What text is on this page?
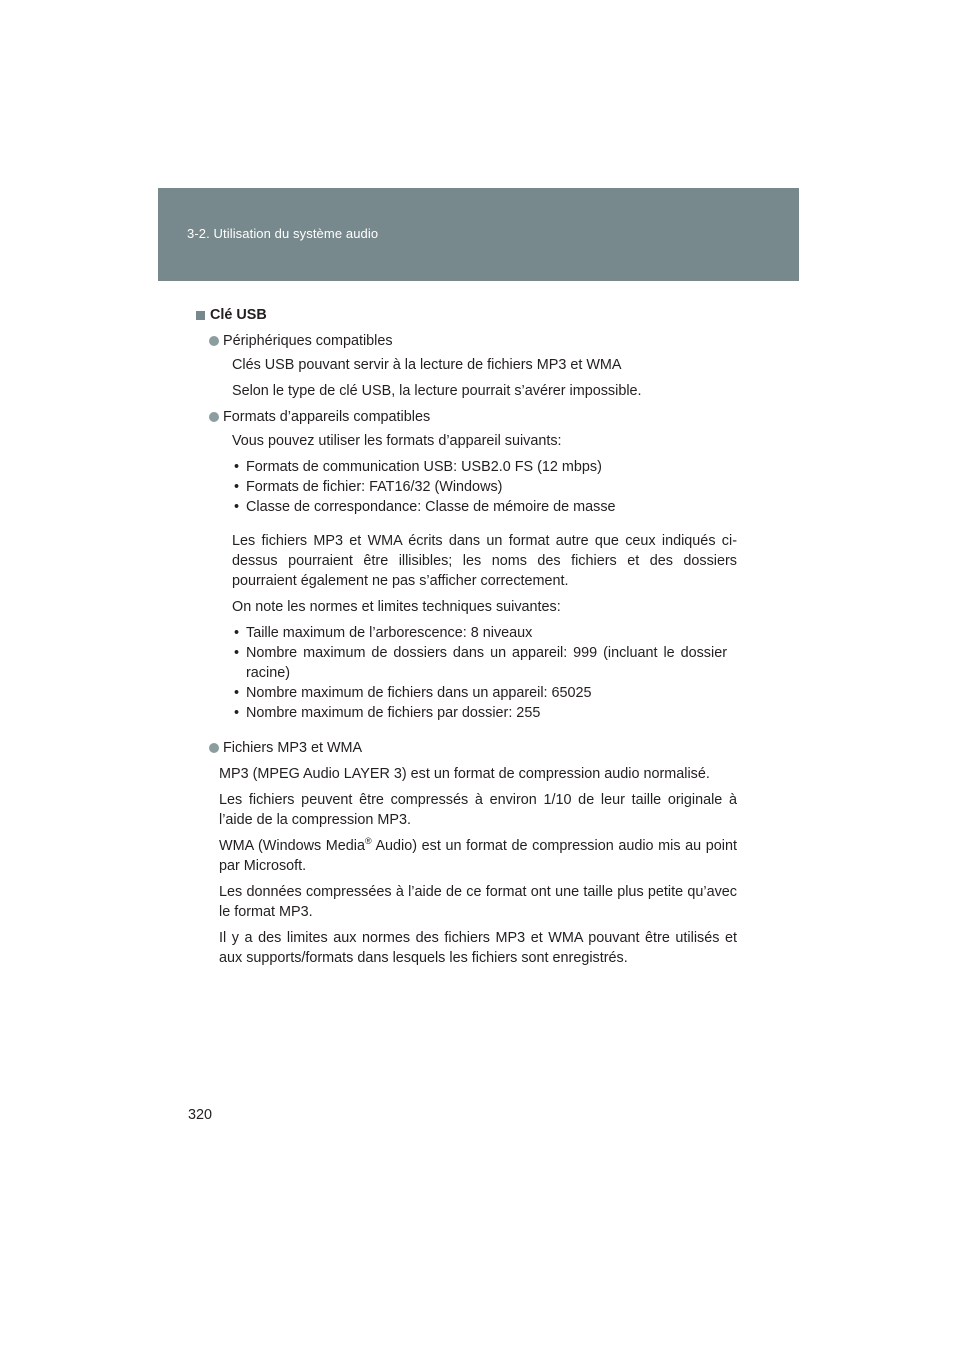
3-2. Utilisation du système audio
Clé USB
Périphériques compatibles
Clés USB pouvant servir à la lecture de fichiers MP3 et WMA
Selon le type de clé USB, la lecture pourrait s’avérer impossible.
Formats d’appareils compatibles
Vous pouvez utiliser les formats d’appareil suivants:
• Formats de communication USB: USB2.0 FS (12 mbps)
• Formats de fichier: FAT16/32 (Windows)
• Classe de correspondance: Classe de mémoire de masse
Les fichiers MP3 et WMA écrits dans un format autre que ceux indiqués ci-dessus pourraient être illisibles; les noms des fichiers et des dossiers pourraient également ne pas s’afficher correctement.
On note les normes et limites techniques suivantes:
• Taille maximum de l’arborescence: 8 niveaux
• Nombre maximum de dossiers dans un appareil: 999 (incluant le dossier racine)
• Nombre maximum de fichiers dans un appareil: 65025
• Nombre maximum de fichiers par dossier: 255
Fichiers MP3 et WMA
MP3 (MPEG Audio LAYER 3) est un format de compression audio normalisé.
Les fichiers peuvent être compressés à environ 1/10 de leur taille originale à l’aide de la compression MP3.
WMA (Windows Media® Audio) est un format de compression audio mis au point par Microsoft.
Les données compressées à l’aide de ce format ont une taille plus petite qu’avec le format MP3.
Il y a des limites aux normes des fichiers MP3 et WMA pouvant être utilisés et aux supports/formats dans lesquels les fichiers sont enregistrés.
320
